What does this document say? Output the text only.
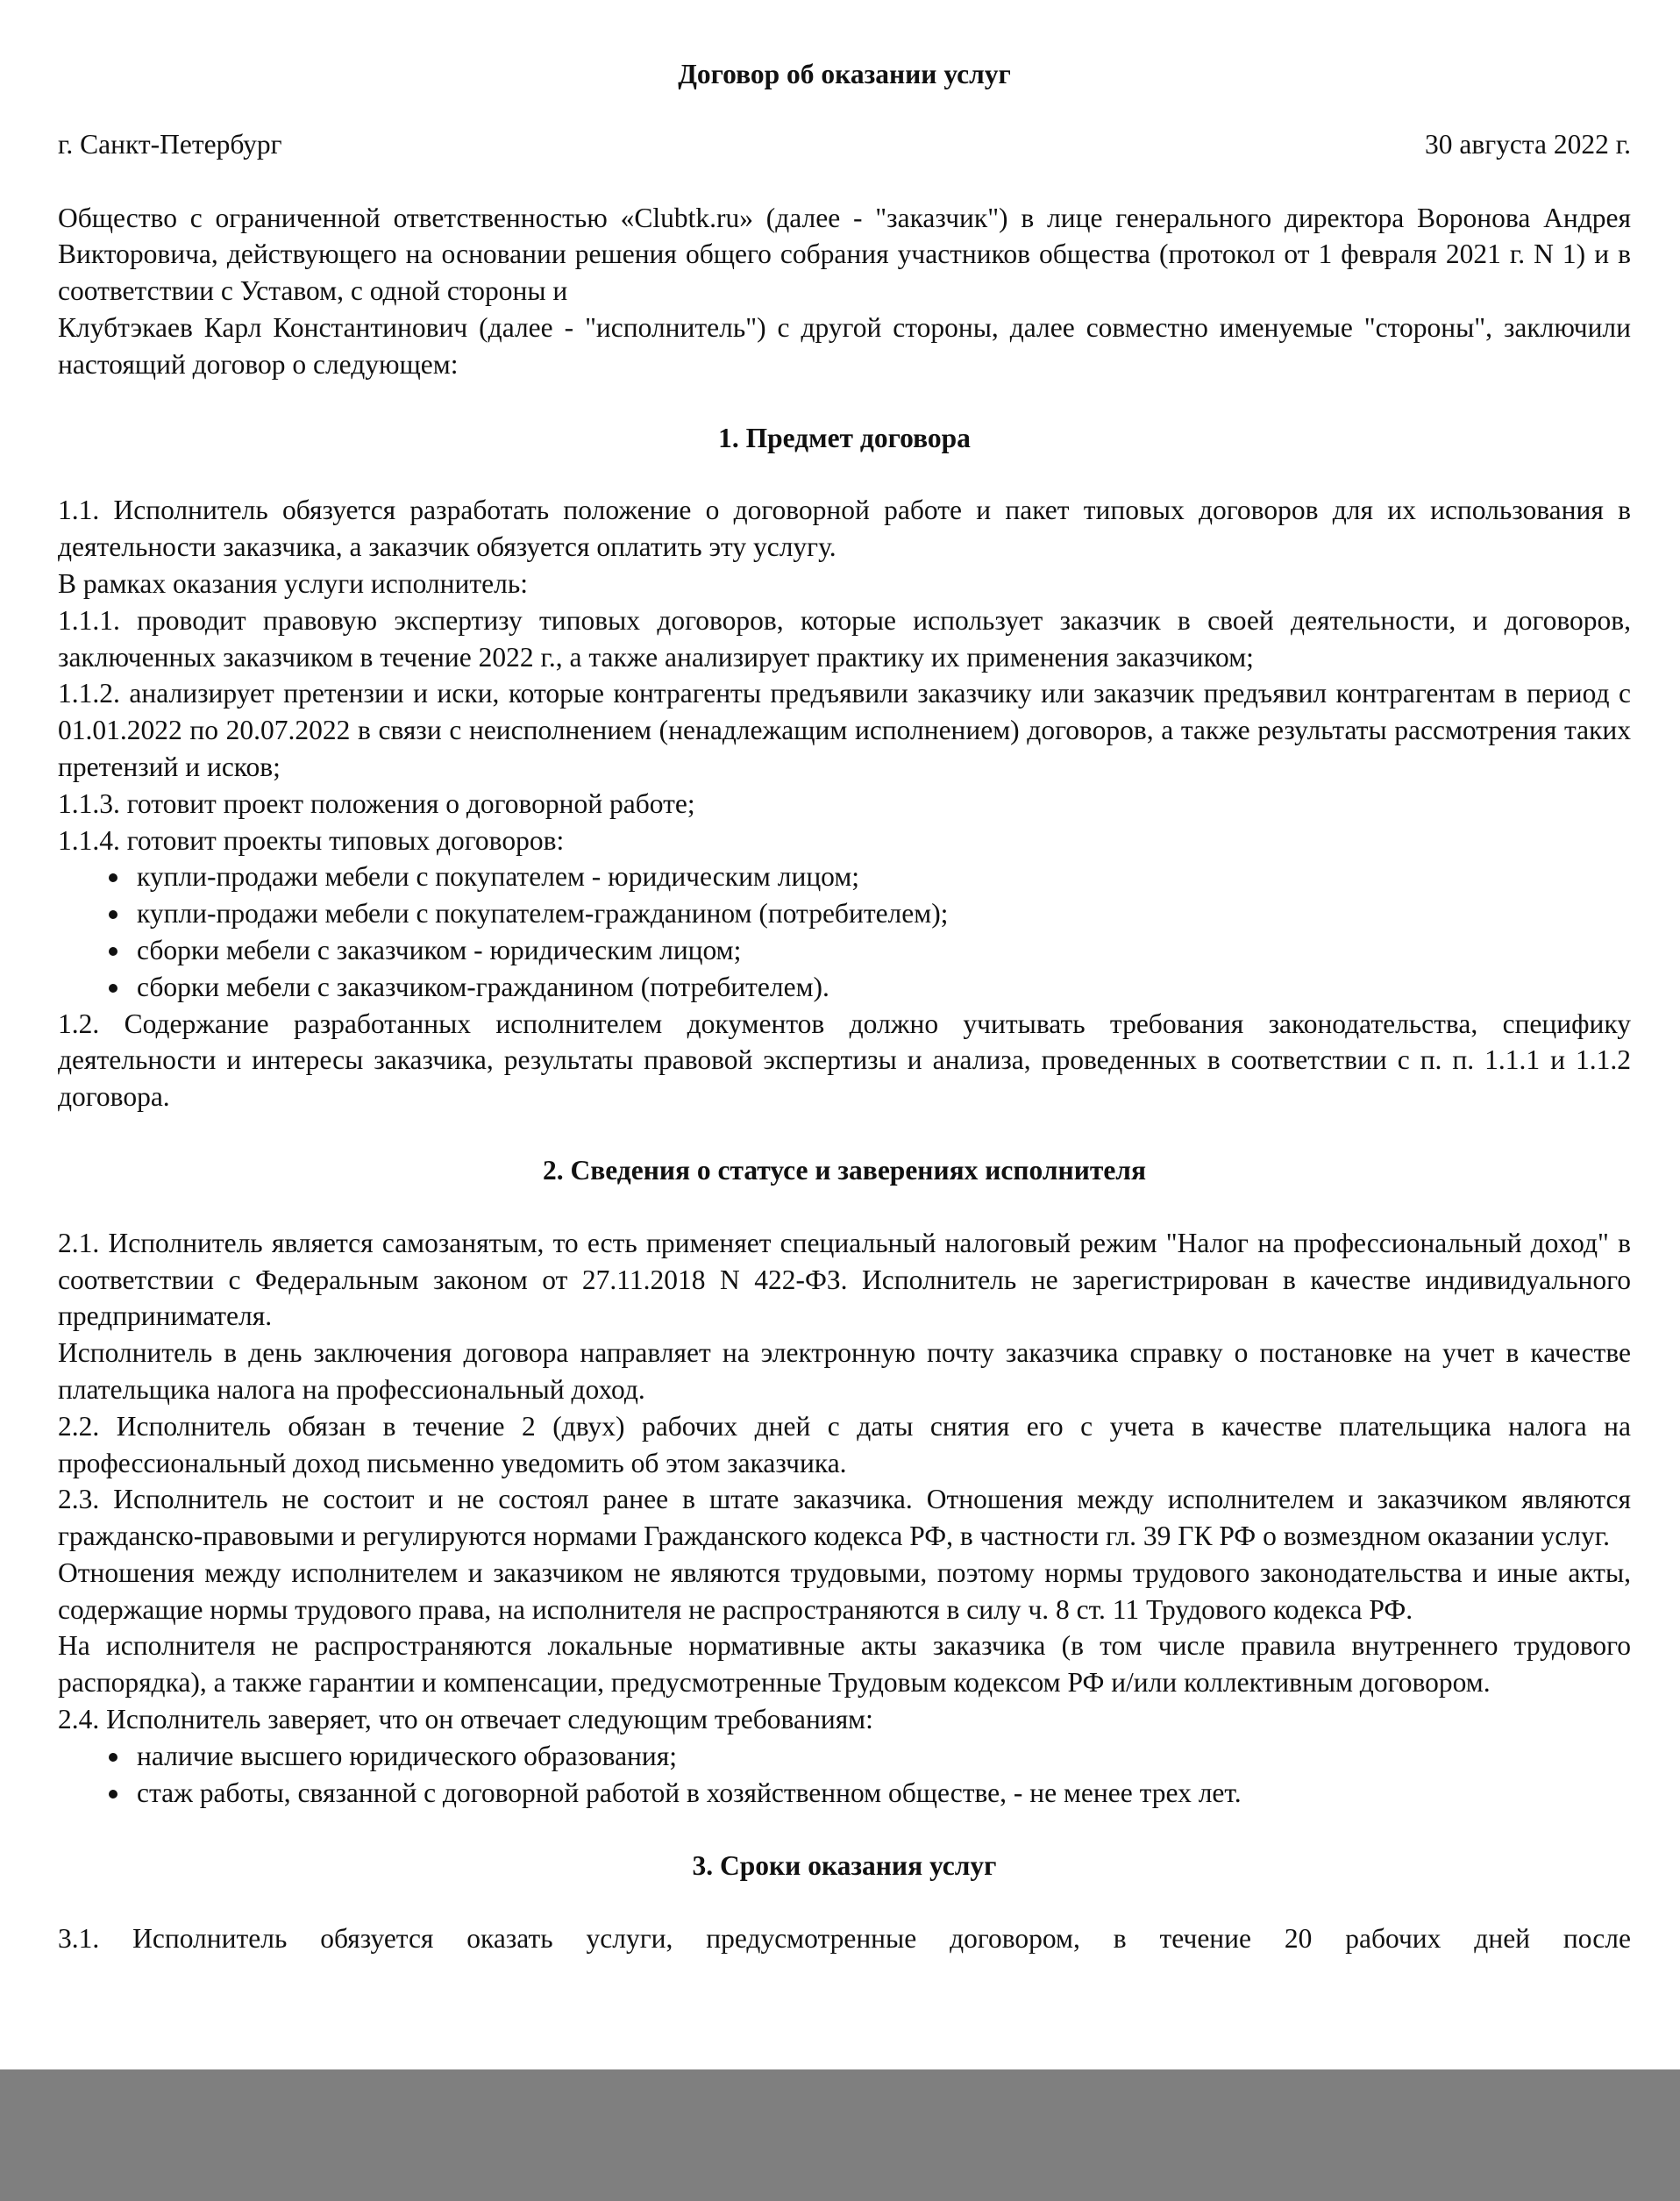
Договор об оказании услуг

г. Санкт-Петербург	30 августа 2022 г.

Общество с ограниченной ответственностью «Clubtk.ru» (далее - "заказчик") в лице генерального директора Воронова Андрея Викторовича, действующего на основании решения общего собрания участников общества (протокол от 1 февраля 2021 г. N 1) и в соответствии с Уставом, с одной стороны и

Клубтэкаев Карл Константинович (далее - "исполнитель") с другой стороны, далее совместно именуемые "стороны", заключили настоящий договор о следующем:

1. Предмет договора

1.1. Исполнитель обязуется разработать положение о договорной работе и пакет типовых договоров для их использования в деятельности заказчика, а заказчик обязуется оплатить эту услугу.

В рамках оказания услуги исполнитель:

1.1.1. проводит правовую экспертизу типовых договоров, которые использует заказчик в своей деятельности, и договоров, заключенных заказчиком в течение 2022 г., а также анализирует практику их применения заказчиком;

1.1.2. анализирует претензии и иски, которые контрагенты предъявили заказчику или заказчик предъявил контрагентам в период с 01.01.2022 по 20.07.2022 в связи с неисполнением (ненадлежащим исполнением) договоров, а также результаты рассмотрения таких претензий и исков;

1.1.3. готовит проект положения о договорной работе;

1.1.4. готовит проекты типовых договоров:

купли-продажи мебели с покупателем - юридическим лицом;
купли-продажи мебели с покупателем-гражданином (потребителем);
сборки мебели с заказчиком - юридическим лицом;
сборки мебели с заказчиком-гражданином (потребителем).

1.2. Содержание разработанных исполнителем документов должно учитывать требования законодательства, специфику деятельности и интересы заказчика, результаты правовой экспертизы и анализа, проведенных в соответствии с п. п. 1.1.1 и 1.1.2 договора.

2. Сведения о статусе и заверениях исполнителя

2.1. Исполнитель является самозанятым, то есть применяет специальный налоговый режим "Налог на профессиональный доход" в соответствии с Федеральным законом от 27.11.2018 N 422-ФЗ. Исполнитель не зарегистрирован в качестве индивидуального предпринимателя.

Исполнитель в день заключения договора направляет на электронную почту заказчика справку о постановке на учет в качестве плательщика налога на профессиональный доход.

2.2. Исполнитель обязан в течение 2 (двух) рабочих дней с даты снятия его с учета в качестве плательщика налога на профессиональный доход письменно уведомить об этом заказчика.

2.3. Исполнитель не состоит и не состоял ранее в штате заказчика. Отношения между исполнителем и заказчиком являются гражданско-правовыми и регулируются нормами Гражданского кодекса РФ, в частности гл. 39 ГК РФ о возмездном оказании услуг.

Отношения между исполнителем и заказчиком не являются трудовыми, поэтому нормы трудового законодательства и иные акты, содержащие нормы трудового права, на исполнителя не распространяются в силу ч. 8 ст. 11 Трудового кодекса РФ.

На исполнителя не распространяются локальные нормативные акты заказчика (в том числе правила внутреннего трудового распорядка), а также гарантии и компенсации, предусмотренные Трудовым кодексом РФ и/или коллективным договором.

2.4. Исполнитель заверяет, что он отвечает следующим требованиям:

наличие высшего юридического образования;
стаж работы, связанной с договорной работой в хозяйственном обществе, - не менее трех лет.

3. Сроки оказания услуг

3.1. Исполнитель обязуется оказать услуги, предусмотренные договором, в течение 20 рабочих дней после
